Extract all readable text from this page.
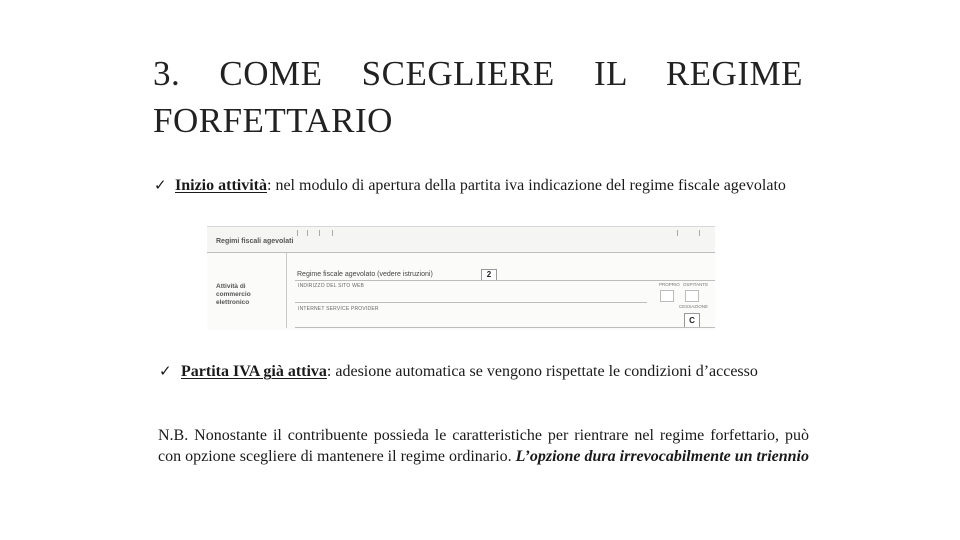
3. COME SCEGLIERE IL REGIME
FORFETTARIO
✓ Inizio attività: nel modulo di apertura della partita iva indicazione del regime fiscale agevolato
Regimi fiscali agevolati
Regime fiscale agevolato (vedere istruzioni)	2
Attività di commercio elettronico
INDIRIZZO DEL SITO WEB	PROPRIO OSPITANTE
CESSAZIONE
INTERNET SERVICE PROVIDER
C
✓ Partita IVA già attiva: adesione automatica se vengono rispettate le condizioni d’accesso
N.B. Nonostante il contribuente possieda le caratteristiche per rientrare nel regime forfettario, può con opzione scegliere di mantenere il regime ordinario. L’opzione dura irrevocabilmente un triennio
